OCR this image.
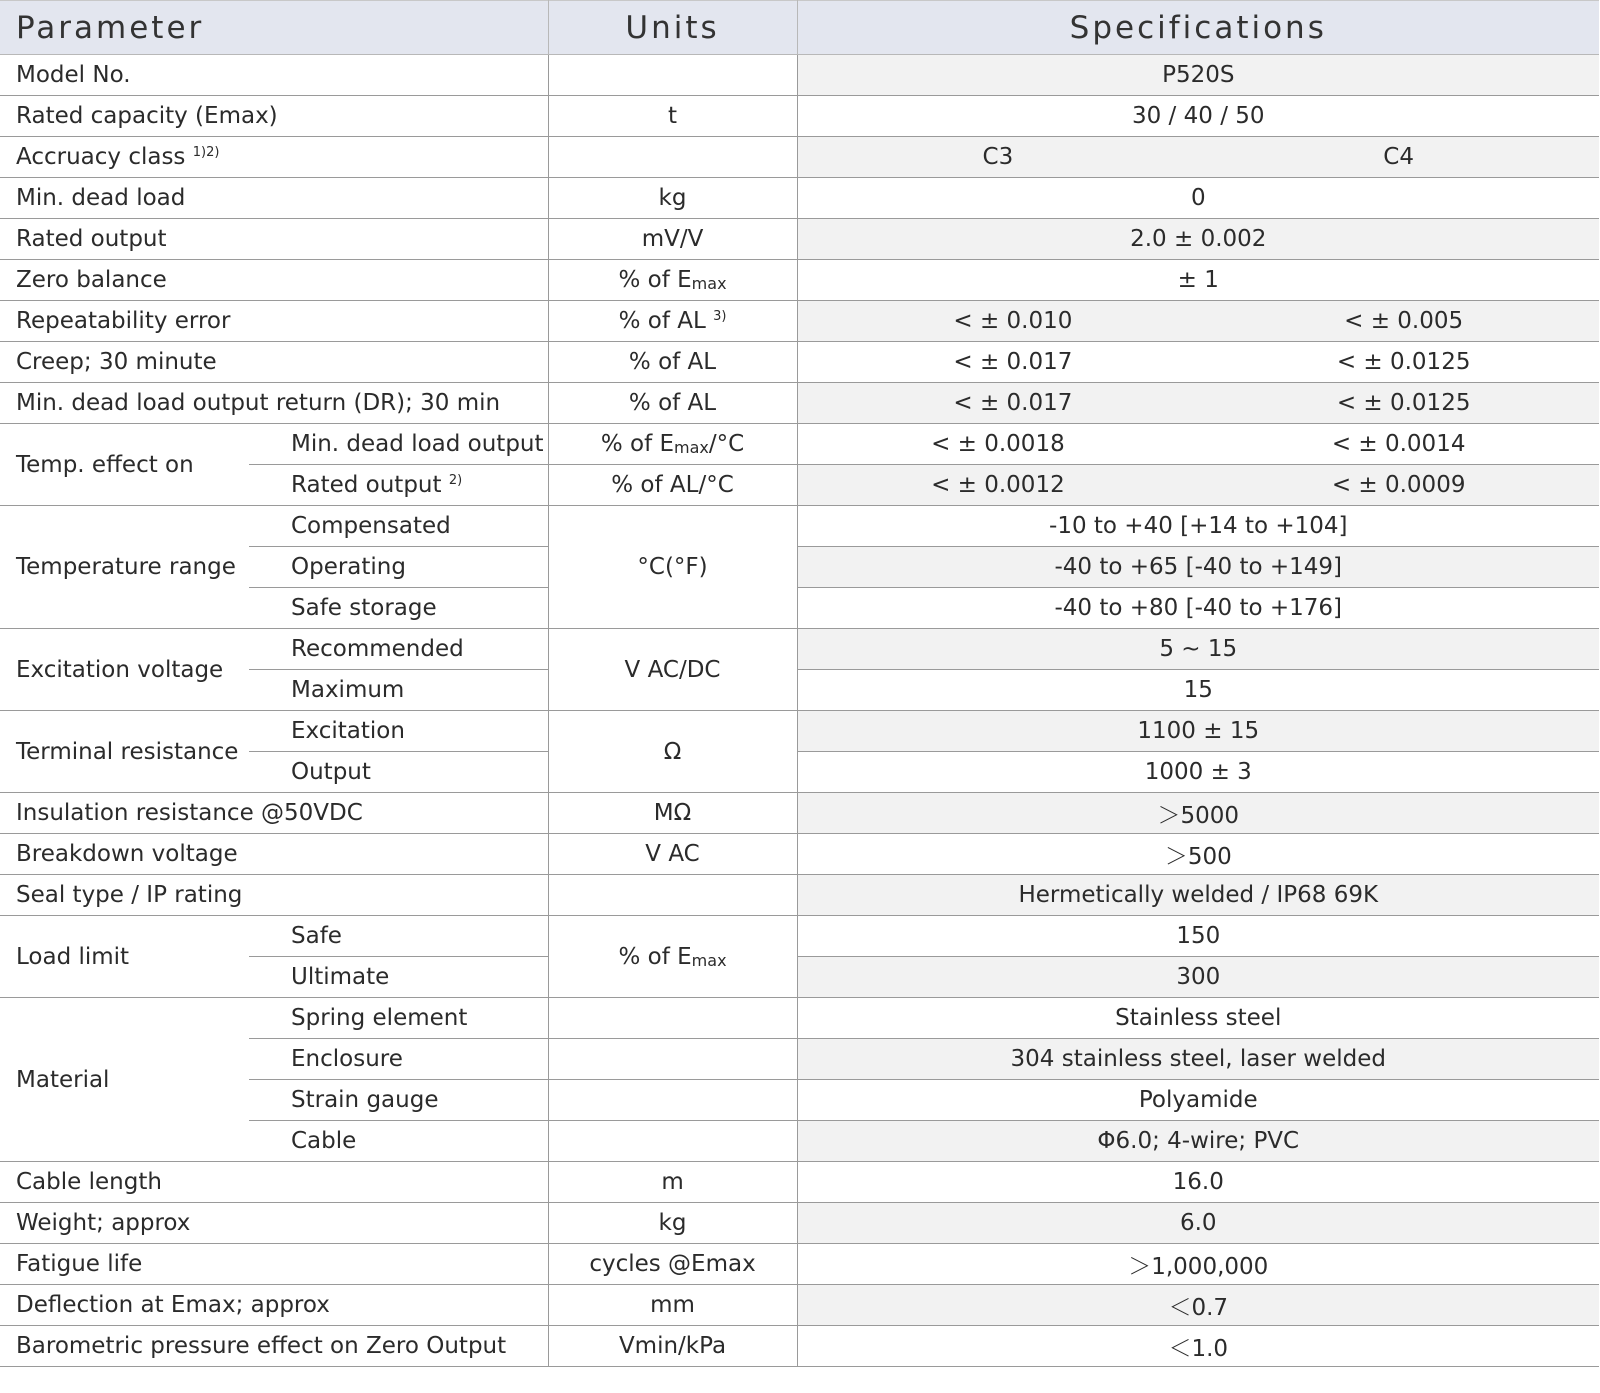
Parameter		Units	Specifications
Model No.			P520S
Rated capacity (Emax)		t	30 / 40 / 50
Accruacy class $^{1)2)}$			C3 C4

Min. dead load		kg	0
Rated output		mV/V	2.0 ± 0.002
Zero balance		% of $E_{max}$	± 1
Repeatability error		% of AL $^{3)}$	< ± 0.010 < ± 0.005

Creep; 30 minute		% of AL	< ± 0.017 < ± 0.0125

Min. dead load output return (DR); 30 min		% of AL	< ± 0.017 < ± 0.0125

Temp. effect on	Min. dead load output	% of $E_{max}/^\circ C$	< ± 0.0018 < ± 0.0014

	Rated output $^{2)}$	% of AL/°C	< ± 0.0012 < ± 0.0009

Temperature range	Compensated	°C(°F)	-10 to +40 [+14 to +104]
	Operating		-40 to +65 [-40 to +149]
	Safe storage		-40 to +80 [-40 to +176]
Excitation voltage	Recommended	V AC/DC	5 ~ 15
	Maximum		15
Terminal resistance	Excitation	Ω	1100 ± 15
	Output		1000 ± 3
Insulation resistance @50VDC		MΩ	＞5000
Breakdown voltage		V AC	＞500
Seal type / IP rating			Hermetically welded / IP68 69K
Load limit	Safe	% of $E_{max}$	150
	Ultimate		300
Material	Spring element		Stainless steel
	Enclosure		304 stainless steel, laser welded
	Strain gauge		Polyamide
	Cable		Φ6.0; 4-wire; PVC
Cable length		m	16.0
Weight; approx		kg	6.0
Fatigue life		cycles @Emax	＞1,000,000
Deflection at Emax; approx		mm	＜0.7
Barometric pressure effect on Zero Output		Vmin/kPa	＜1.0
